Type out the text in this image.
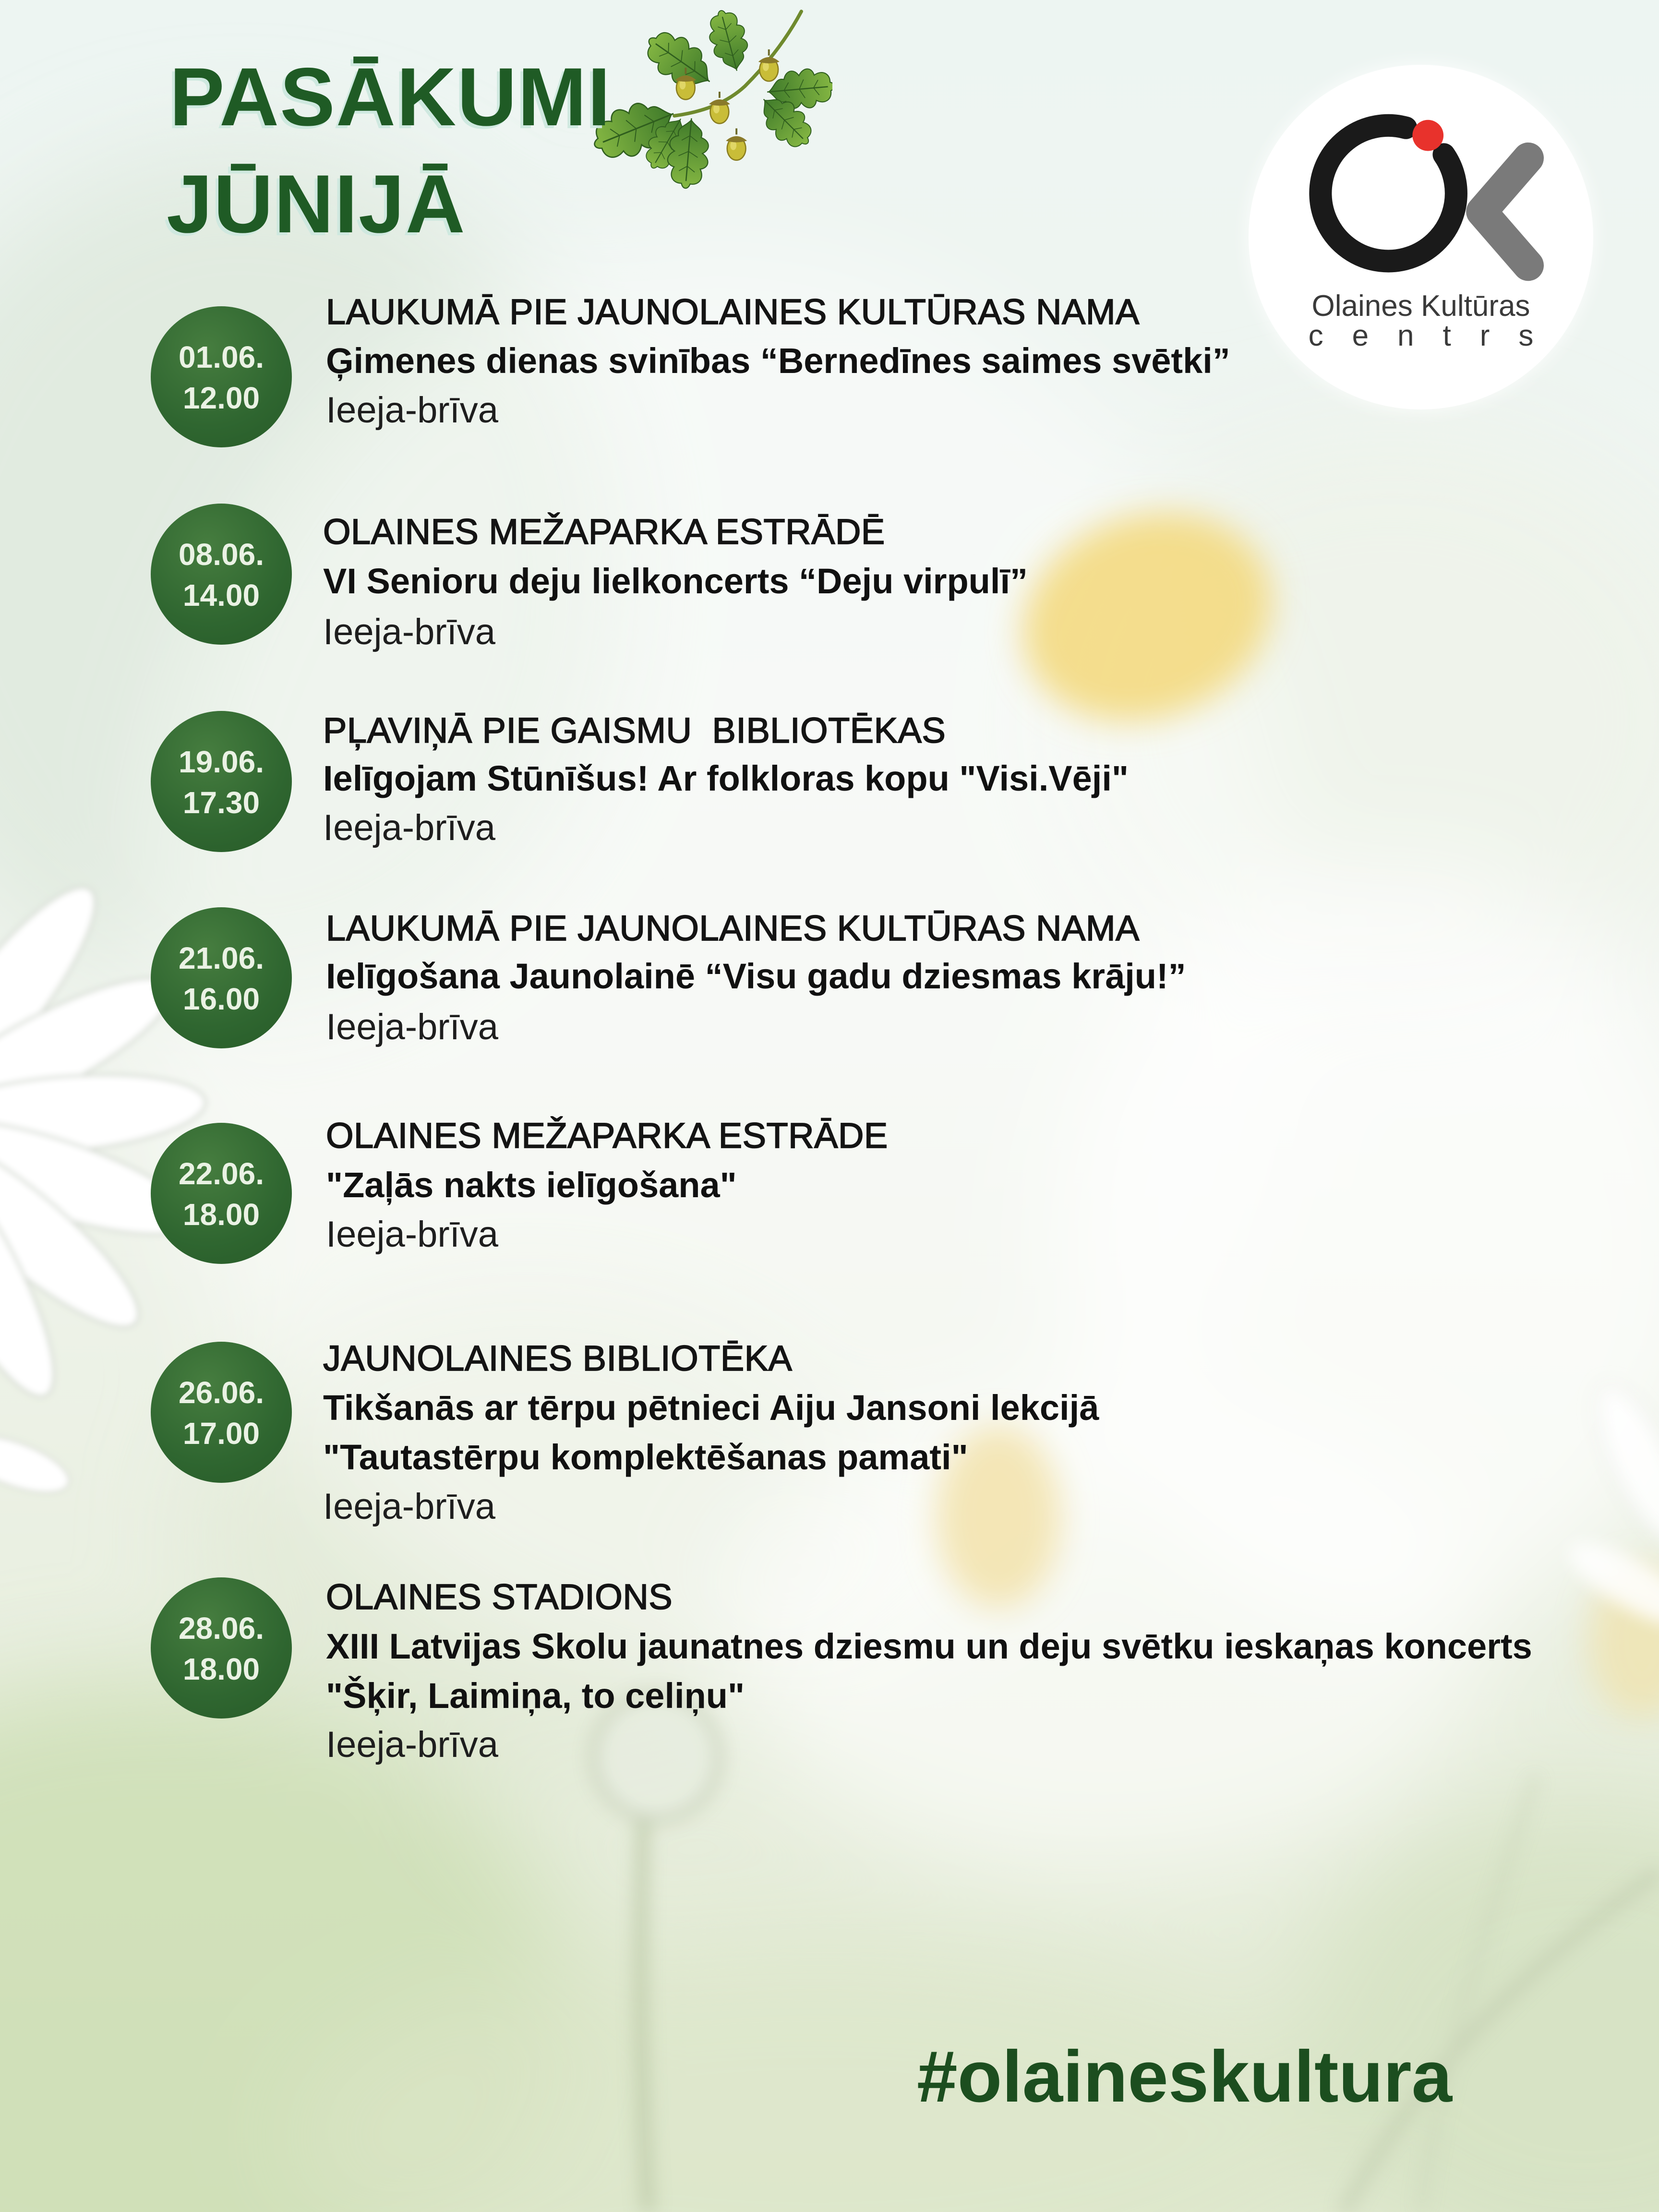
PASĀKUMI
JŪNIJĀ
Olaines Kultūras
centrs
01.06.
12.00
LAUKUMĀ PIE JAUNOLAINES KULTŪRAS NAMA
Ģimenes dienas svinības “Bernedīnes saimes svētki”
Ieeja-brīva
08.06.
14.00
OLAINES MEŽAPARKA ESTRĀDĒ
VI Senioru deju lielkoncerts “Deju virpulī”
Ieeja-brīva
19.06.
17.30
PĻAVIŅĀ PIE GAISMU  BIBLIOTĒKAS
Ielīgojam Stūnīšus! Ar folkloras kopu "Visi.Vēji"
Ieeja-brīva
21.06.
16.00
LAUKUMĀ PIE JAUNOLAINES KULTŪRAS NAMA
Ielīgošana Jaunolainē “Visu gadu dziesmas krāju!”
Ieeja-brīva
22.06.
18.00
OLAINES MEŽAPARKA ESTRĀDE
"Zaļās nakts ielīgošana"
Ieeja-brīva
26.06.
17.00
JAUNOLAINES BIBLIOTĒKA
Tikšanās ar tērpu pētnieci Aiju Jansoni lekcijā
"Tautastērpu komplektēšanas pamati"
Ieeja-brīva
28.06.
18.00
OLAINES STADIONS
XIII Latvijas Skolu jaunatnes dziesmu un deju svētku ieskaņas koncerts
"Šķir, Laimiņa, to celiņu"
Ieeja-brīva
#olaineskultura
